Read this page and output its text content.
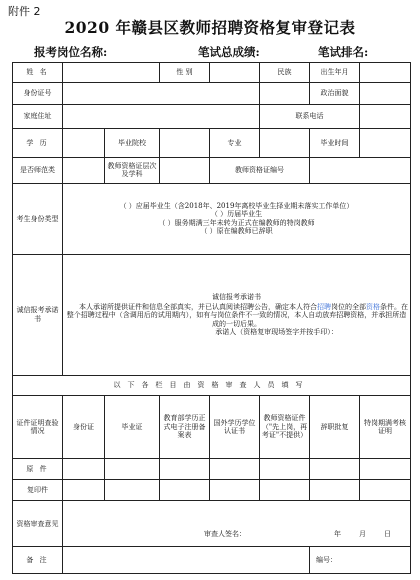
附件 2
2020 年赣县区教师招聘资格复审登记表
报考岗位名称:	笔试总成绩:	笔试排名:
姓 名			性 别		民族	出生年月	
身份证号						政治面貌	
家庭住址					联系电话		
学 历		毕业院校		专业		毕业时间	
是否师范类		教师资格证层次及学科		教师资格证编号			
考生身份类型	（ ）应届毕业生（含2018年、2019年离校毕业生择业期未落实工作单位）
（ ）历届毕业生
（ ）服务期满三年未转为正式在编教师的特岗教师
（ ）原在编教师已辞职						

诚信报考承诺书	诚信报考承诺书
本人承诺所提供证件和信息全部真实，并已认真阅读招聘公告，确定本人符合招聘岗位的全部资格条件。在整个招聘过程中（含调用后的试用期内），如有与岗位条件不一致的情况，本人自动放弃招聘资格，并承担所造成的一切后果。
承诺人（资格复审现场签字并按手印）：						

以下各栏目由资格审查人员填写							
证件证明查验情况	身份证	毕业证	教育部学历正式电子注册备案表	国外学历学位认证书	教师资格证件（"先上岗，再考证"不提供）	辞职批复	特岗期满考核证明
原 件							
复印件							
资格审查意见	审查人签名： 年月日						

备 注						编号：	
